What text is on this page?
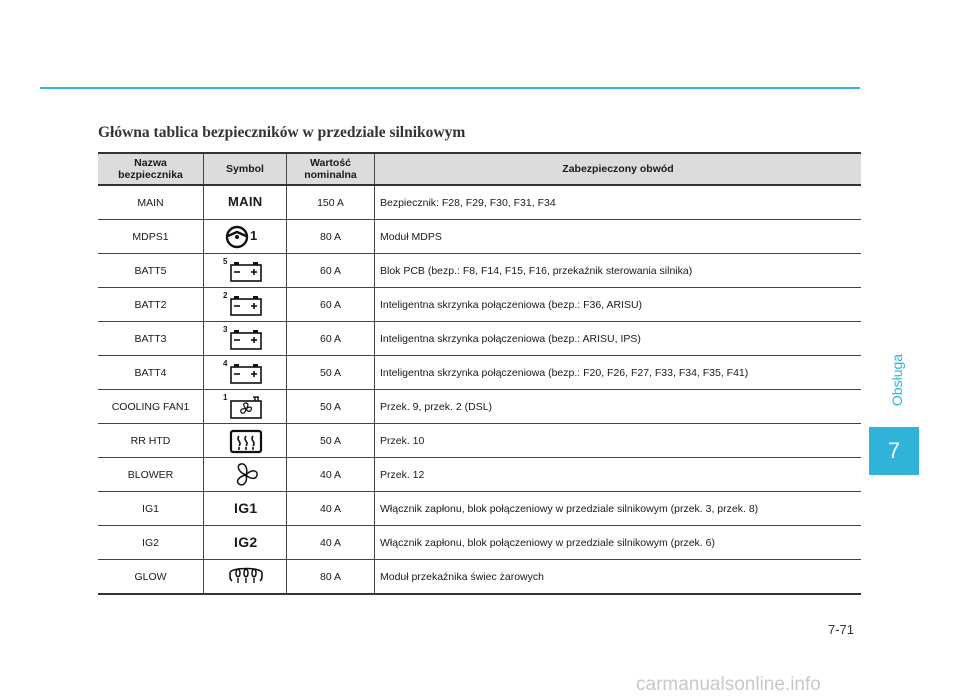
Główna tablica bezpieczników w przedziale silnikowym
Nazwa bezpiecznika	Symbol	Wartość nominalna	Zabezpieczony obwód
MAIN	MAIN	150 A	Bezpiecznik: F28, F29, F30, F31, F34
MDPS1	1	80 A	Moduł MDPS
BATT5	5	60 A	Blok PCB (bezp.: F8, F14, F15, F16, przekaźnik sterowania silnika)
BATT2	2	60 A	Inteligentna skrzynka połączeniowa (bezp.: F36, ARISU)
BATT3	3	60 A	Inteligentna skrzynka połączeniowa (bezp.: ARISU, IPS)
BATT4	4	50 A	Inteligentna skrzynka połączeniowa (bezp.: F20, F26, F27, F33, F34, F35, F41)
COOLING FAN1	1	50 A	Przek. 9, przek. 2 (DSL)
RR HTD		50 A	Przek. 10
BLOWER		40 A	Przek. 12
IG1	IG1	40 A	Włącznik zapłonu, blok połączeniowy w przedziale silnikowym (przek. 3, przek. 8)
IG2	IG2	40 A	Włącznik zapłonu, blok połączeniowy w przedziale silnikowym (przek. 6)
GLOW		80 A	Moduł przekaźnika świec żarowych
Obsługa
7
7-71
carmanualsonline.info
